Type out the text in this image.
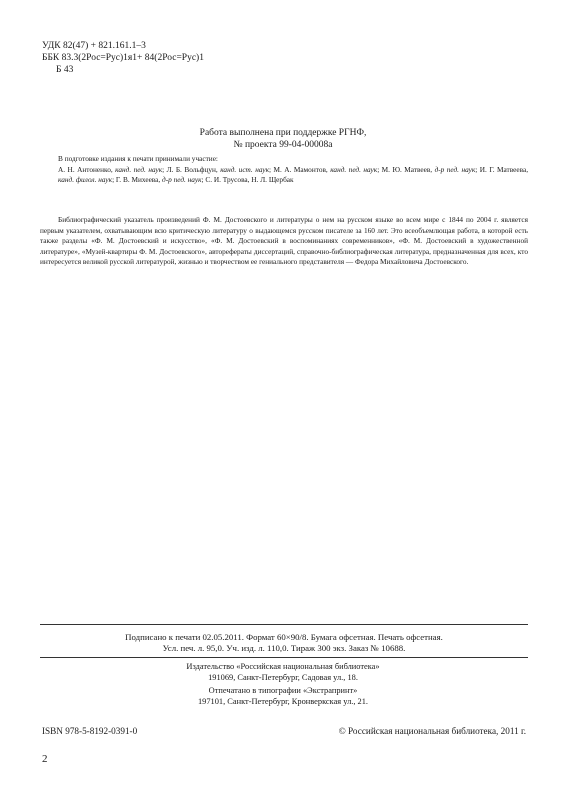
УДК 82(47) + 821.161.1–3
ББК 83.3(2Рос=Рус)1я1+ 84(2Рос=Рус)1
Б 43
Работа выполнена при поддержке РГНФ,
№ проекта 99-04-00008а
В подготовке издания к печати принимали участие:
А. Н. Антоненко, канд. пед. наук; Л. Б. Вольфцун, канд. ист. наук; М. А. Мамонтов, канд. пед. наук; М. Ю. Матвеев, д-р пед. наук; И. Г. Матвеева, канд. филол. наук; Г. В. Михеева, д-р пед. наук; С. И. Трусова, Н. Л. Щербак
Библиографический указатель произведений Ф. М. Достоевского и литературы о нем на русском языке во всем мире с 1844 по 2004 г. является первым указателем, охватывающим всю критическую литературу о выдающемся русском писателе за 160 лет. Это всеобъемлющая работа, в которой есть также разделы «Ф. М. Достоевский и искусство», «Ф. М. Достоевский в воспоминаниях современников», «Ф. М. Достоевский в художественной литературе», «Музей-квартиры Ф. М. Достоевского», авторефераты диссертаций, справочно-библиографическая литература, предназначенная для всех, кто интересуется великой русской литературой, жизнью и творчеством ее гениального представителя — Федора Михайловича Достоевского.
Подписано к печати 02.05.2011. Формат 60×90/8. Бумага офсетная. Печать офсетная.
Усл. печ. л. 95,0. Уч. изд. л. 110,0. Тираж 300 экз. Заказ № 10688.
Издательство «Российская национальная библиотека»
191069, Санкт-Петербург, Садовая ул., 18.
Отпечатано в типографии «Экстрапринт»
197101, Санкт-Петербург, Кронверкская ул., 21.
ISBN 978-5-8192-0391-0	© Российская национальная библиотека, 2011 г.
2
